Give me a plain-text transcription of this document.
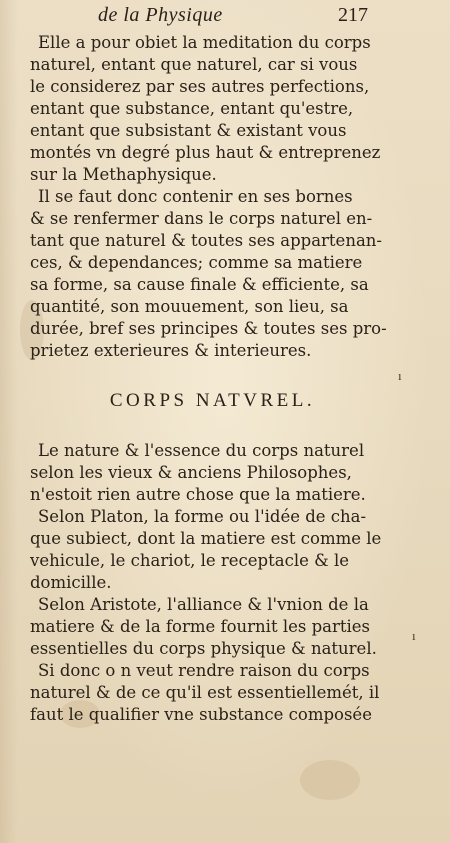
de la Physique	217
Elle a pour obiet la meditation du corps
naturel, entant que naturel, car si vous
le considerez par ses autres perfections,
entant que substance, entant qu'estre,
entant que subsistant & existant vous
montés vn degré plus haut & entreprenez
sur la Methaphysique.
Il se faut donc contenir en ses bornes
& se renfermer dans le corps naturel en-
tant que naturel & toutes ses appartenan-
ces, & dependances; comme sa matiere
sa forme, sa cause finale & efficiente, sa
quantité, son mouuement, son lieu, sa
durée, bref ses principes & toutes ses pro-
prietez exterieures & interieures.
CORPS NATVREL.
Le nature & l'essence du corps naturel
selon les vieux & anciens Philosophes,
n'estoit rien autre chose que la matiere.
Selon Platon, la forme ou l'idée de cha-
que subiect, dont la matiere est comme le
vehicule, le chariot, le receptacle & le
domicille.
Selon Aristote, l'alliance & l'vnion de la
matiere & de la forme fournit les parties
essentielles du corps physique & naturel.
Si donc o n veut rendre raison du corps
naturel & de ce qu'il est essentiellemét, il
faut le qualifier vne substance composée
ı
ı
